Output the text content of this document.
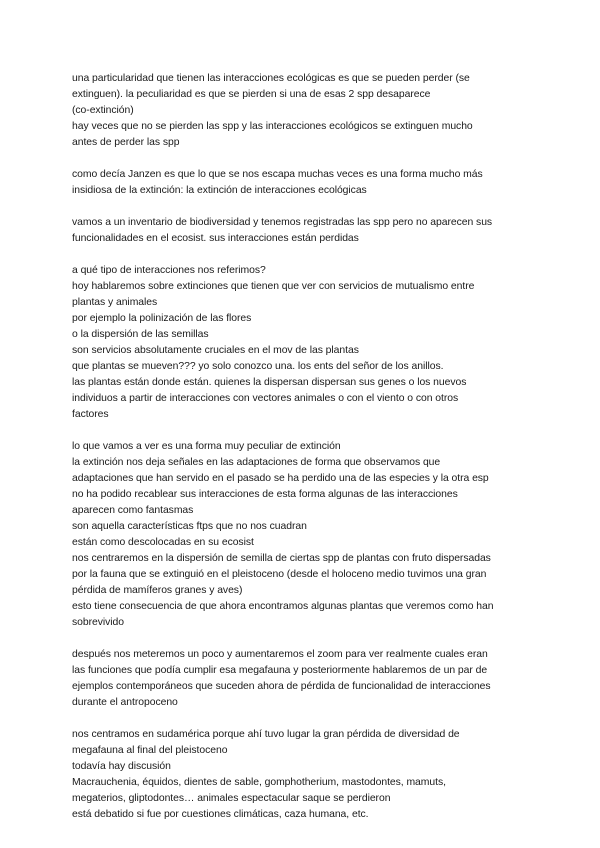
una particularidad que tienen las interacciones ecológicas es que se pueden perder (se
extinguen). la peculiaridad es que se pierden si una de esas 2 spp desaparece
(co-extinción)
hay veces que no se pierden las spp y las interacciones ecológicos se extinguen mucho
antes de perder las spp
como decía Janzen es que lo que se nos escapa muchas veces es una forma mucho más
insidiosa de la extinción: la extinción de interacciones ecológicas
vamos a un inventario de biodiversidad y tenemos registradas las spp pero no aparecen sus
funcionalidades en el ecosist. sus interacciones están perdidas
a qué tipo de interacciones nos referimos?
hoy hablaremos sobre extinciones que tienen que ver con servicios de mutualismo entre
plantas y animales
por ejemplo la polinización de las flores
o la dispersión de las semillas
son servicios absolutamente cruciales en el mov de las plantas
que plantas se mueven??? yo solo conozco una. los ents del señor de los anillos.
las plantas están donde están. quienes la dispersan dispersan sus genes o los nuevos
individuos a partir de interacciones con vectores animales o con el viento o con otros
factores
lo que vamos a ver es una forma muy peculiar de extinción
la extinción nos deja señales en las adaptaciones de forma que observamos que
adaptaciones que han servido en el pasado se ha perdido una de las especies y la otra esp
no ha podido recablear sus interacciones de esta forma algunas de las interacciones
aparecen como fantasmas
son aquella características ftps que no nos cuadran
están como descolocadas en su ecosist
nos centraremos en la dispersión de semilla de ciertas spp de plantas con fruto dispersadas
por la fauna que se extinguió en el pleistoceno (desde el holoceno medio tuvimos una gran
pérdida de mamíferos granes y aves)
esto tiene consecuencia de que ahora encontramos algunas plantas que veremos como han
sobrevivido
después nos meteremos un poco y aumentaremos el zoom para ver realmente cuales eran
las funciones que podía cumplir esa megafauna y posteriormente hablaremos de un par de
ejemplos contemporáneos que suceden ahora de pérdida de funcionalidad de interacciones
durante el antropoceno
nos centramos en sudamérica porque ahí tuvo lugar la gran pérdida de diversidad de
megafauna al final del pleistoceno
todavía hay discusión
Macrauchenia, équidos, dientes de sable, gomphotherium, mastodontes, mamuts,
megaterios, gliptodontes… animales espectacular saque se perdieron
está debatido si fue por cuestiones climáticas, caza humana, etc.
